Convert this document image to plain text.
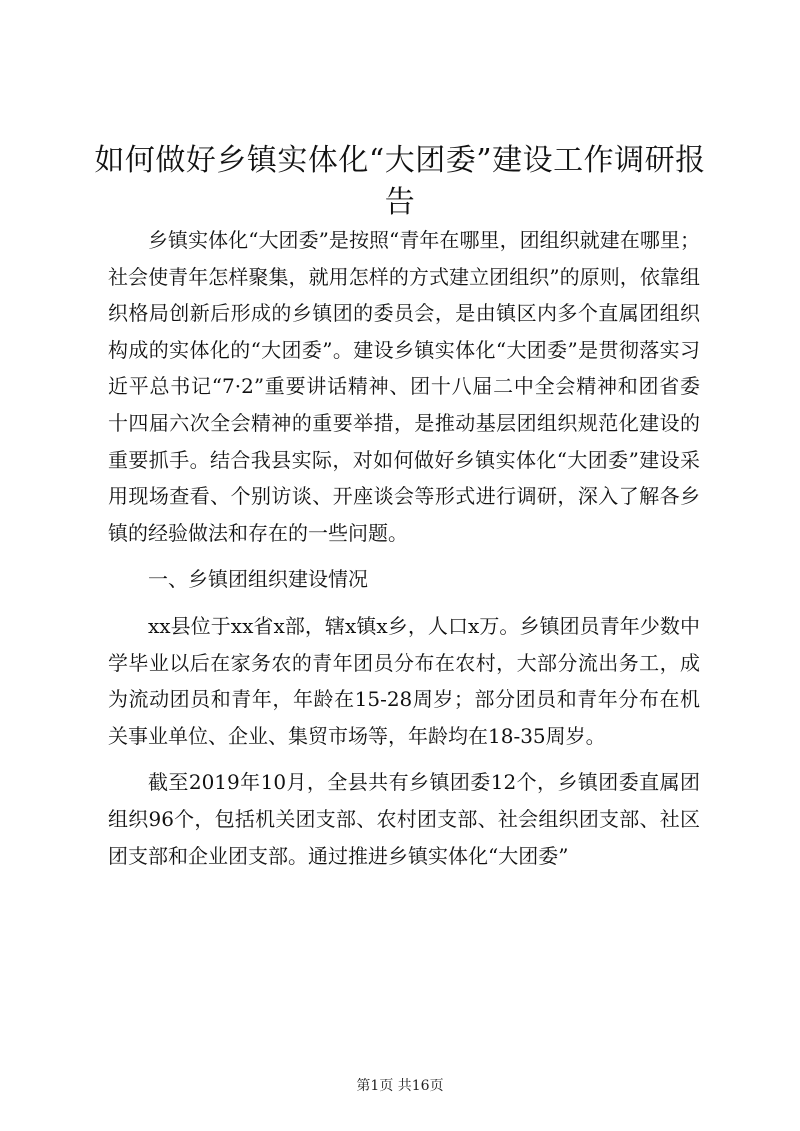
如何做好乡镇实体化“大团委”建设工作调研报告

乡镇实体化“大团委”是按照“青年在哪里，团组织就建在哪里；社会使青年怎样聚集，就用怎样的方式建立团组织”的原则，依靠组织格局创新后形成的乡镇团的委员会，是由镇区内多个直属团组织构成的实体化的“大团委”。建设乡镇实体化“大团委”是贯彻落实习近平总书记“7·2”重要讲话精神、团十八届二中全会精神和团省委十四届六次全会精神的重要举措，是推动基层团组织规范化建设的重要抓手。结合我县实际，对如何做好乡镇实体化“大团委”建设采用现场查看、个别访谈、开座谈会等形式进行调研，深入了解各乡镇的经验做法和存在的一些问题。

一、乡镇团组织建设情况

xx县位于xx省x部，辖x镇x乡，人口x万。乡镇团员青年少数中学毕业以后在家务农的青年团员分布在农村，大部分流出务工，成为流动团员和青年，年龄在15-28周岁；部分团员和青年分布在机关事业单位、企业、集贸市场等，年龄均在18-35周岁。

截至2019年10月，全县共有乡镇团委12个，乡镇团委直属团组织96个，包括机关团支部、农村团支部、社会组织团支部、社区团支部和企业团支部。通过推进乡镇实体化“大团委”

第1页 共16页
